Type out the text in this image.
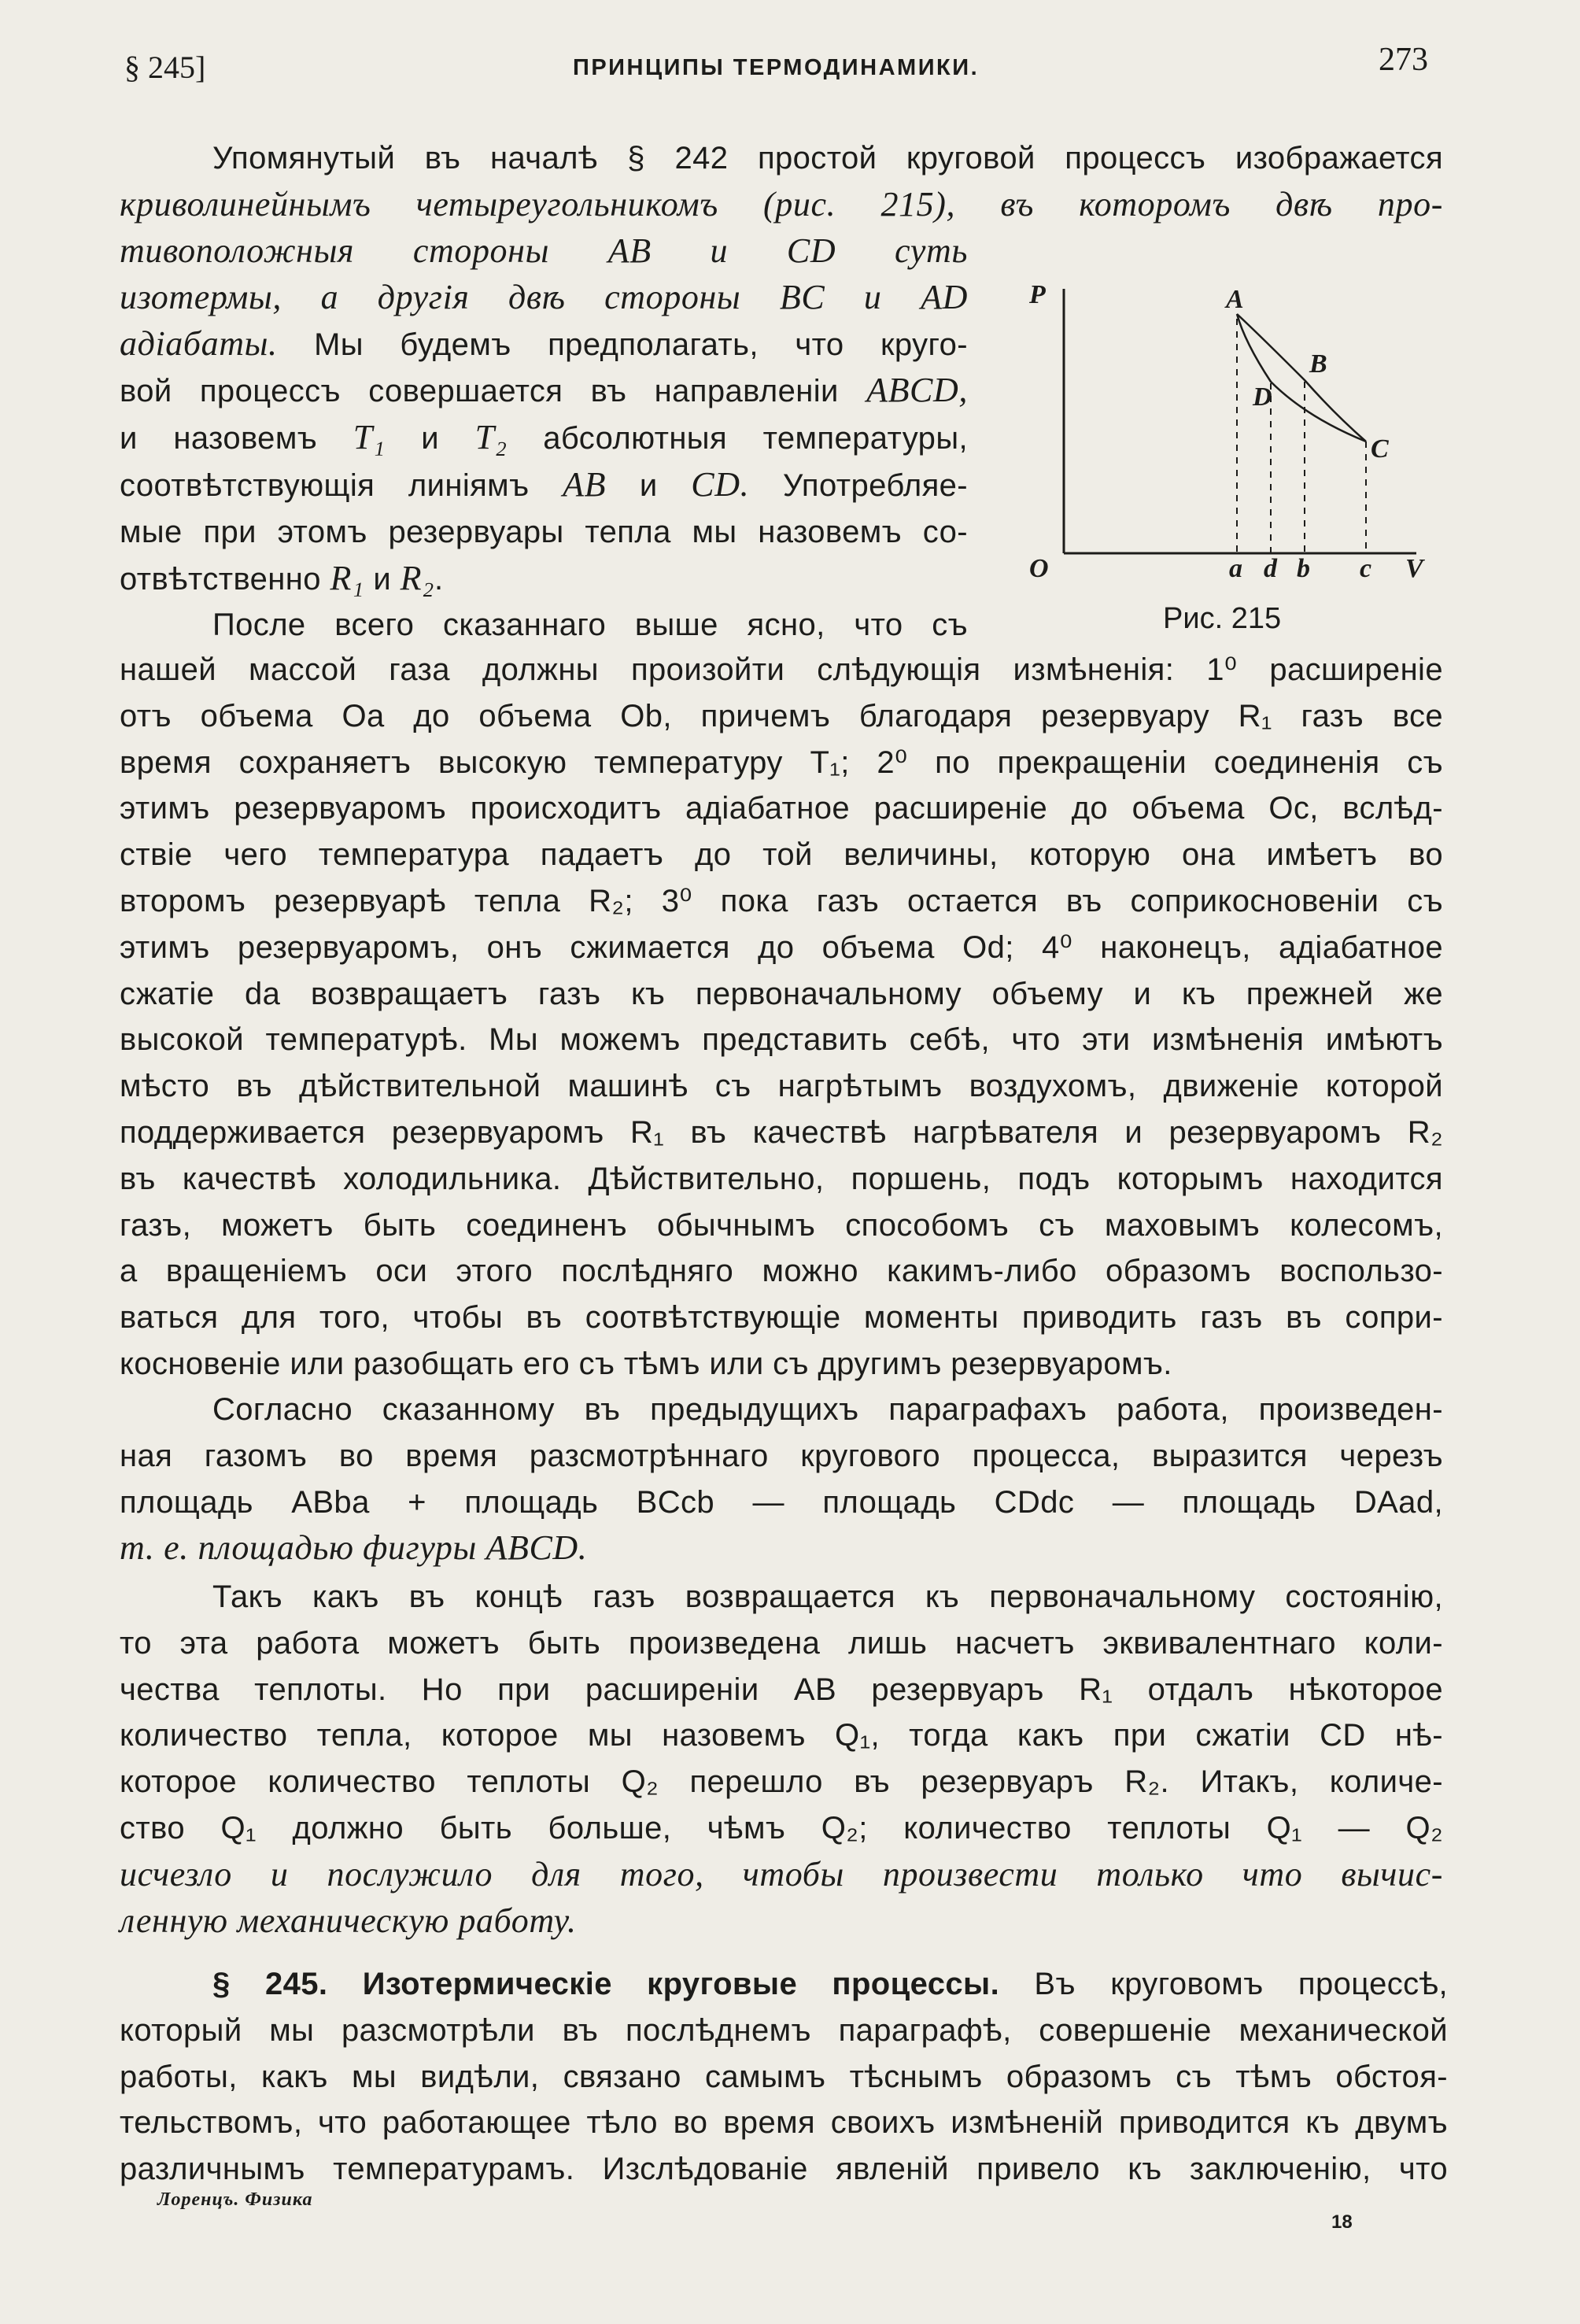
§ 245]	ПРИНЦИПЫ ТЕРМОДИНАМИКИ.	273
Упомянутый въ началѣ § 242 простой круговой процессъ изображается
криволинейнымъ четыреугольникомъ (рис. 215), въ которомъ двѣ про-
тивоположныя стороны AB и CD суть
изотермы, а другія двѣ стороны BC и AD
адіабаты. Мы будемъ предполагать, что круго-
вой процессъ совершается въ направленіи ABCD,
и назовемъ T₁ и T₂ абсолютныя температуры,
соотвѣтствующія линіямъ AB и CD. Употребляе-
мые при этомъ резервуары тепла мы назовемъ со-
отвѣтственно R₁ и R₂.
После всего сказаннаго выше ясно, что съ
P
O	V
A
B
C
D
a d b c
Рис. 215
нашей массой газа должны произойти слѣдующія измѣненія: 1⁰ расширеніе
отъ объема Oa до объема Ob, причемъ благодаря резервуару R₁ газъ все
время сохраняетъ высокую температуру T₁; 2⁰ по прекращеніи соединенія съ
этимъ резервуаромъ происходитъ адіабатное расширеніе до объема Oc, вслѣд-
ствіе чего температура падаетъ до той величины, которую она имѣетъ во
второмъ резервуарѣ тепла R₂; 3⁰ пока газъ остается въ соприкосновеніи съ
этимъ резервуаромъ, онъ сжимается до объема Od; 4⁰ наконецъ, адіабатное
сжатіе da возвращаетъ газъ къ первоначальному объему и къ прежней же
высокой температурѣ. Мы можемъ представить себѣ, что эти измѣненія имѣютъ
мѣсто въ дѣйствительной машинѣ съ нагрѣтымъ воздухомъ, движеніе которой
поддерживается резервуаромъ R₁ въ качествѣ нагрѣвателя и резервуаромъ R₂
въ качествѣ холодильника. Дѣйствительно, поршень, подъ которымъ находится
газъ, можетъ быть соединенъ обычнымъ способомъ съ маховымъ колесомъ,
а вращеніемъ оси этого послѣдняго можно какимъ-либо образомъ воспользо-
ваться для того, чтобы въ соотвѣтствующіе моменты приводить газъ въ сопри-
косновеніе или разобщать его съ тѣмъ или съ другимъ резервуаромъ.
Согласно сказанному въ предыдущихъ параграфахъ работа, произведен-
ная газомъ во время разсмотрѣннаго кругового процесса, выразится черезъ
площадь ABba + площадь BCcb — площадь CDdc — площадь DAad,
т. е. площадью фигуры ABCD.
Такъ какъ въ концѣ газъ возвращается къ первоначальному состоянію,
то эта работа можетъ быть произведена лишь насчетъ эквивалентнаго коли-
чества теплоты. Но при расширеніи AB резервуаръ R₁ отдалъ нѣкоторое
количество тепла, которое мы назовемъ Q₁, тогда какъ при сжатіи CD нѣ-
которое количество теплоты Q₂ перешло въ резервуаръ R₂. Итакъ, количе-
ство Q₁ должно быть больше, чѣмъ Q₂; количество теплоты Q₁ — Q₂
исчезло и послужило для того, чтобы произвести только что вычис-
ленную механическую работу.
§ 245. Изотермическіе круговые процессы. Въ круговомъ процессѣ,
который мы разсмотрѣли въ послѣднемъ параграфѣ, совершеніе механической
работы, какъ мы видѣли, связано самымъ тѣснымъ образомъ съ тѣмъ обстоя-
тельствомъ, что работающее тѣло во время своихъ измѣненій приводится къ двумъ
различнымъ температурамъ. Изслѣдованіе явленій привело къ заключенію, что
Лоренцъ. Физика
18
